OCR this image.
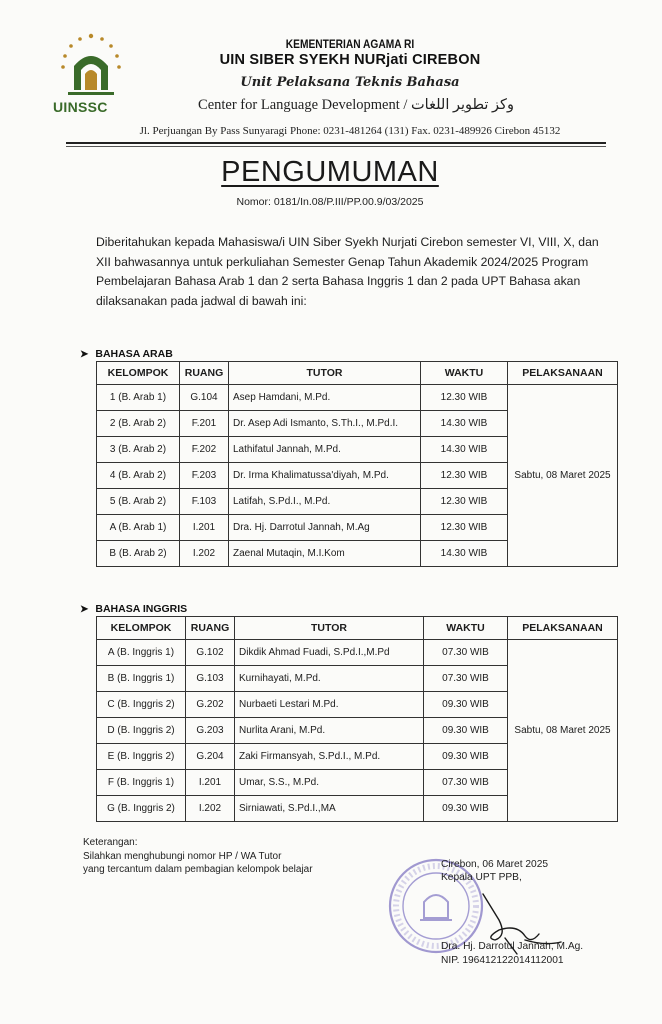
UINSSC
KEMENTERIAN AGAMA RI
UIN SIBER SYEKH NURjati CIREBON
Unit Pelaksana Teknis Bahasa
Center for Language Development / وكز تطوير اللغات
Jl. Perjuangan By Pass Sunyaragi Phone: 0231-481264 (131) Fax. 0231-489926 Cirebon 45132
PENGUMUMAN
Nomor: 0181/In.08/P.III/PP.00.9/03/2025
Diberitahukan kepada Mahasiswa/i UIN Siber Syekh Nurjati Cirebon semester VI, VIII, X, dan XII bahwasannya untuk perkuliahan Semester Genap Tahun Akademik 2024/2025 Program Pembelajaran Bahasa Arab 1 dan 2 serta Bahasa Inggris 1 dan 2 pada UPT Bahasa akan dilaksanakan pada jadwal di bawah ini:
➤ BAHASA ARAB
KELOMPOK	RUANG	TUTOR	WAKTU	PELAKSANAAN
1 (B. Arab 1)	G.104	Asep Hamdani, M.Pd.	12.30 WIB	Sabtu, 08 Maret 2025
2 (B. Arab 2)	F.201	Dr. Asep Adi Ismanto, S.Th.I., M.Pd.I.	14.30 WIB	
3 (B. Arab 2)	F.202	Lathifatul Jannah, M.Pd.	14.30 WIB	
4 (B. Arab 2)	F.203	Dr. Irma Khalimatussa'diyah, M.Pd.	12.30 WIB	
5 (B. Arab 2)	F.103	Latifah, S.Pd.I., M.Pd.	12.30 WIB	
A (B. Arab 1)	I.201	Dra. Hj. Darrotul Jannah, M.Ag	12.30 WIB	
B (B. Arab 2)	I.202	Zaenal Mutaqin, M.I.Kom	14.30 WIB	
➤ BAHASA INGGRIS
KELOMPOK	RUANG	TUTOR	WAKTU	PELAKSANAAN
A (B. Inggris 1)	G.102	Dikdik Ahmad Fuadi, S.Pd.I.,M.Pd	07.30 WIB	Sabtu, 08 Maret 2025
B (B. Inggris 1)	G.103	Kurnihayati, M.Pd.	07.30 WIB	
C (B. Inggris 2)	G.202	Nurbaeti Lestari M.Pd.	09.30 WIB	
D (B. Inggris 2)	G.203	Nurlita Arani, M.Pd.	09.30 WIB	
E (B. Inggris 2)	G.204	Zaki Firmansyah, S.Pd.I., M.Pd.	09.30 WIB	
F (B. Inggris 1)	I.201	Umar, S.S., M.Pd.	07.30 WIB	
G (B. Inggris 2)	I.202	Sirniawati, S.Pd.I.,MA	09.30 WIB	
Keterangan:
Silahkan menghubungi nomor HP / WA Tutor
yang tercantum dalam pembagian kelompok belajar	Cirebon, 06 Maret 2025
Kepala UPT PPB,
Dra. Hj. Darrotul Jannah, M.Ag.
NIP. 196412122014112001
